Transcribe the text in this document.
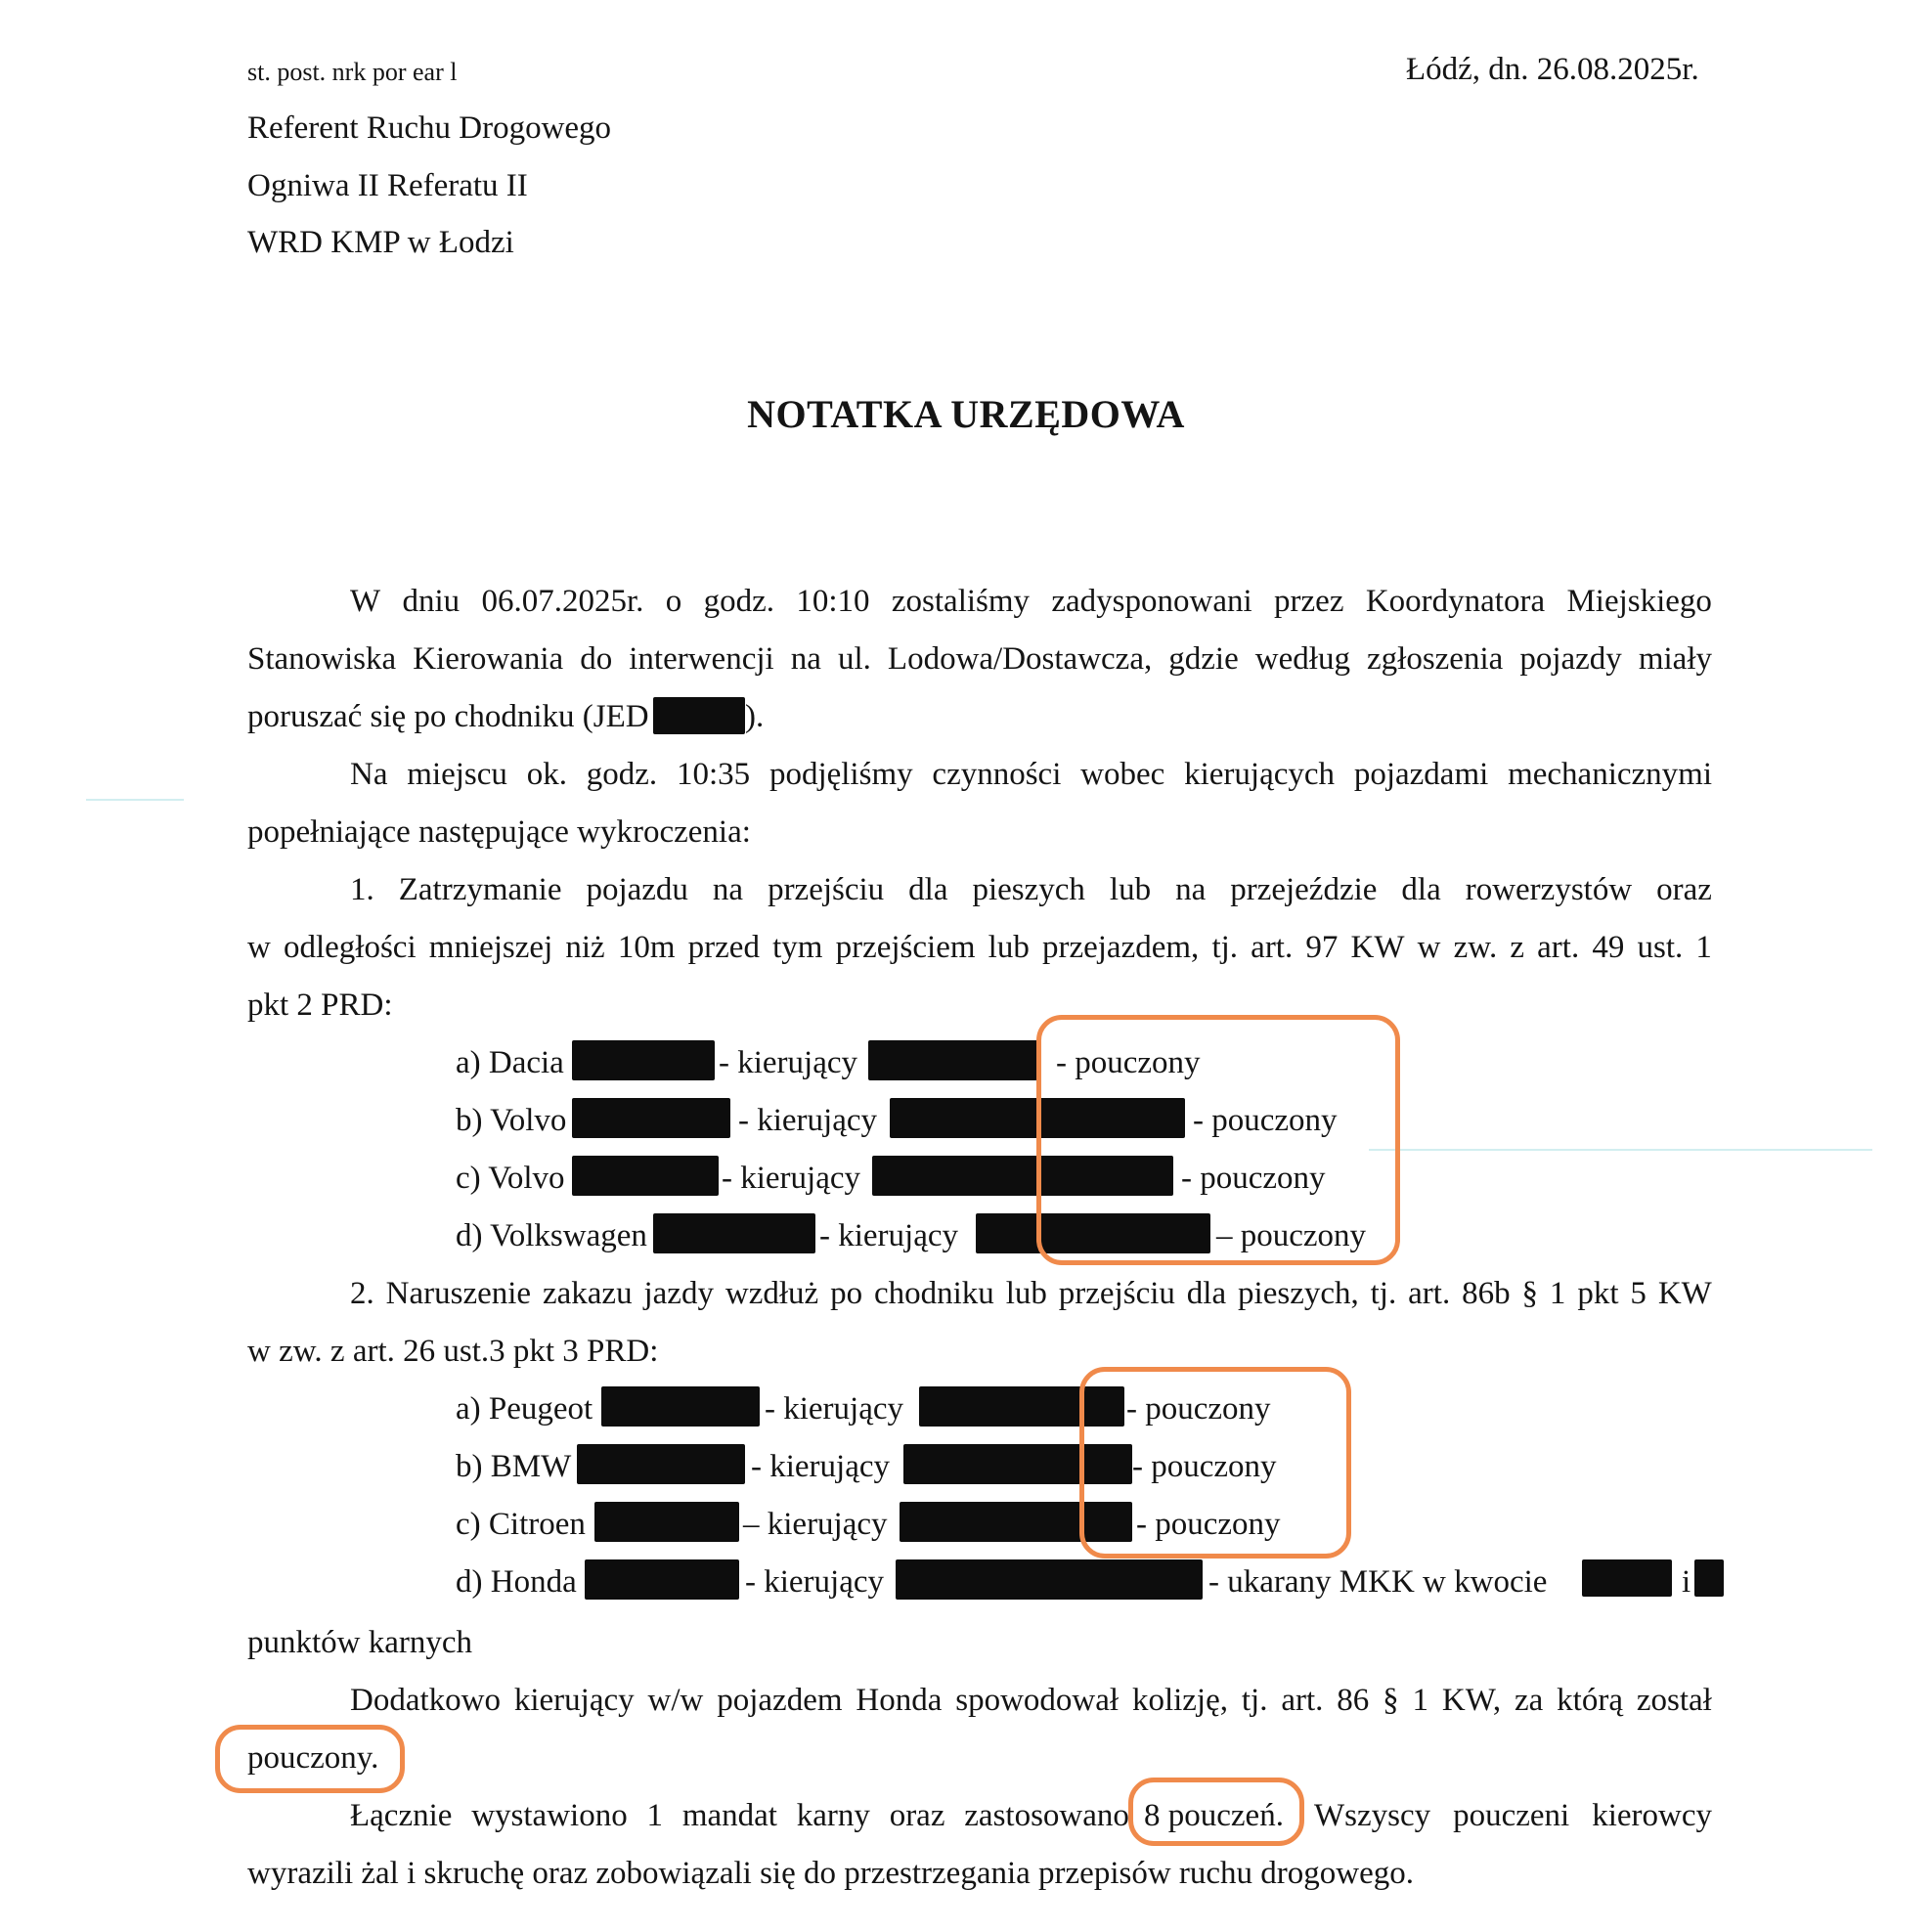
st. post. nrk por ear l	Łódź, dn. 26.08.2025r.
Referent Ruchu Drogowego
Ogniwa II Referatu II
WRD KMP w Łodzi
NOTATKA URZĘDOWA
W dniu 06.07.2025r. o godz. 10:10 zostaliśmy zadysponowani przez Koordynatora Miejskiego
Stanowiska Kierowania do interwencji na ul. Lodowa/Dostawcza, gdzie według zgłoszenia pojazdy miały
poruszać się po chodniku (JED	).
Na miejscu ok. godz. 10:35 podjęliśmy czynności wobec kierujących pojazdami mechanicznymi
popełniające następujące wykroczenia:
1. Zatrzymanie pojazdu na przejściu dla pieszych lub na przejeździe dla rowerzystów oraz
w odległości mniejszej niż 10m przed tym przejściem lub przejazdem, tj. art. 97 KW w zw. z art. 49 ust. 1
pkt 2 PRD:
a) Dacia	- kierujący	- pouczony
b) Volvo	- kierujący	- pouczony
c) Volvo	- kierujący	- pouczony
d) Volkswagen	- kierujący	– pouczony
2. Naruszenie zakazu jazdy wzdłuż po chodniku lub przejściu dla pieszych, tj. art. 86b § 1 pkt 5 KW
w zw. z art. 26 ust.3 pkt 3 PRD:
a) Peugeot	- kierujący	- pouczony
b) BMW	- kierujący	- pouczony
c) Citroen	– kierujący	- pouczony
d) Honda	- kierujący	- ukarany MKK w kwocie	i
punktów karnych
Dodatkowo kierujący w/w pojazdem Honda spowodował kolizję, tj. art. 86 § 1 KW, za którą został
pouczony.
Łącznie wystawiono 1 mandat karny oraz zastosowano 8 pouczeń. Wszyscy pouczeni kierowcy
wyrazili żal i skruchę oraz zobowiązali się do przestrzegania przepisów ruchu drogowego.
